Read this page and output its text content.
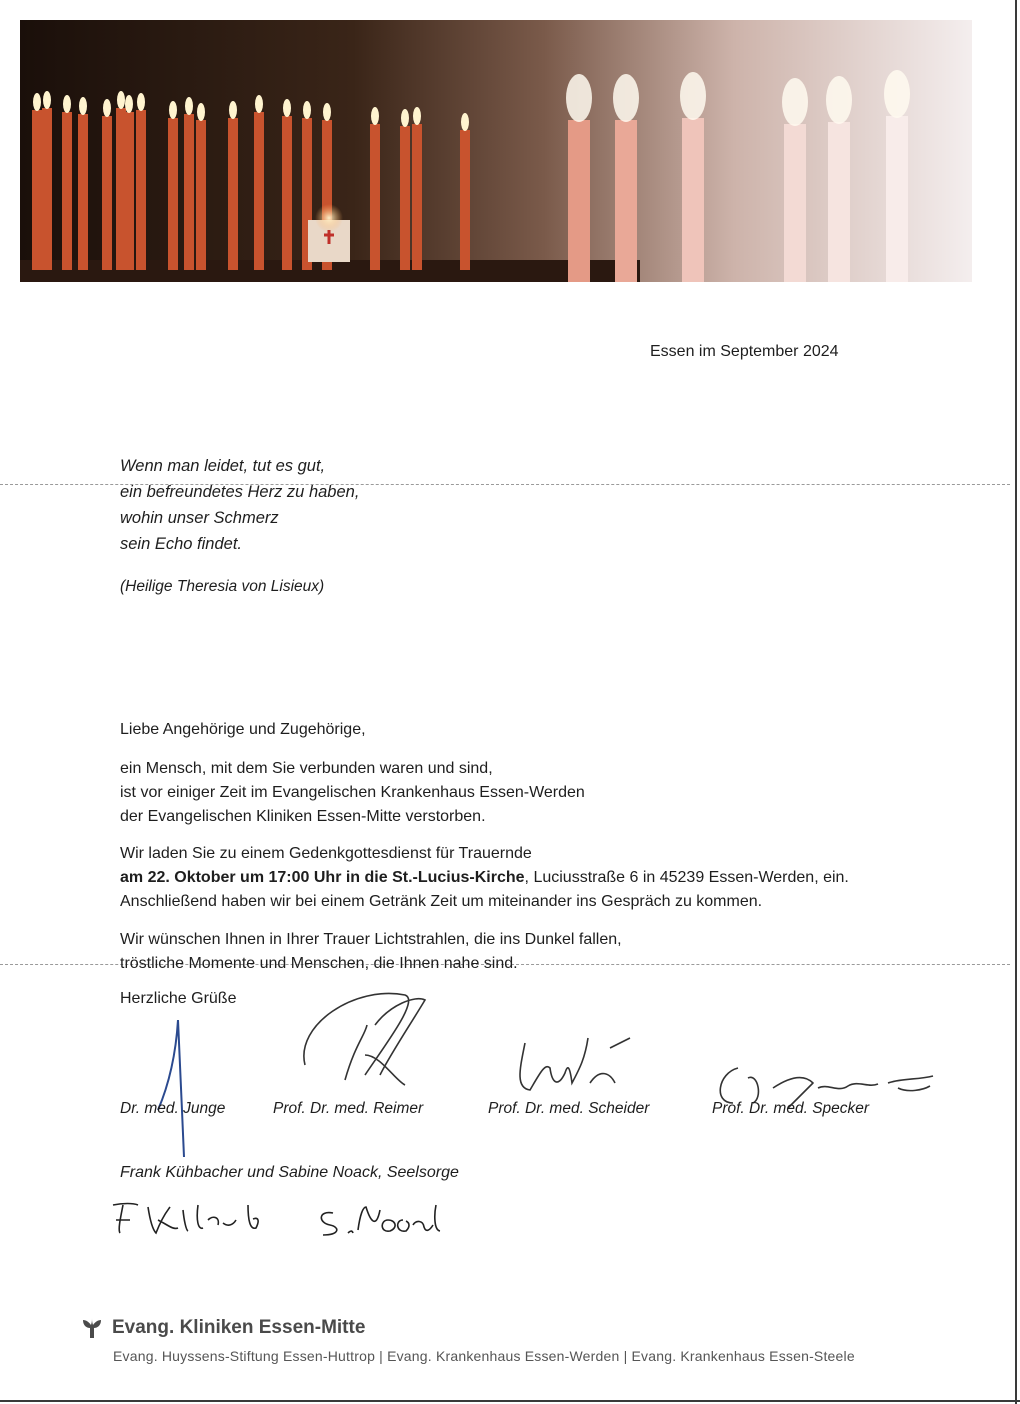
Essen im September 2024
Wenn man leidet, tut es gut,
ein befreundetes Herz zu haben,
wohin unser Schmerz
sein Echo findet.
(Heilige Theresia von Lisieux)
Liebe Angehörige und Zugehörige,
ein Mensch, mit dem Sie verbunden waren und sind,
ist vor einiger Zeit im Evangelischen Krankenhaus Essen-Werden
der Evangelischen Kliniken Essen-Mitte verstorben.
Wir laden Sie zu einem Gedenkgottesdienst für Trauernde
am 22. Oktober um 17:00 Uhr in die St.-Lucius-Kirche, Luciusstraße 6 in 45239 Essen-Werden, ein.
Anschließend haben wir bei einem Getränk Zeit um miteinander ins Gespräch zu kommen.
Wir wünschen Ihnen in Ihrer Trauer Lichtstrahlen, die ins Dunkel fallen,
tröstliche Momente und Menschen, die Ihnen nahe sind.
Herzliche Grüße
Dr. med. Junge	Prof. Dr. med. Reimer	Prof. Dr. med. Scheider	Prof. Dr. med. Specker
Frank Kühbacher und Sabine Noack, Seelsorge
Evang. Kliniken Essen-Mitte
Evang. Huyssens-Stiftung Essen-Huttrop | Evang. Krankenhaus Essen-Werden | Evang. Krankenhaus Essen-Steele
